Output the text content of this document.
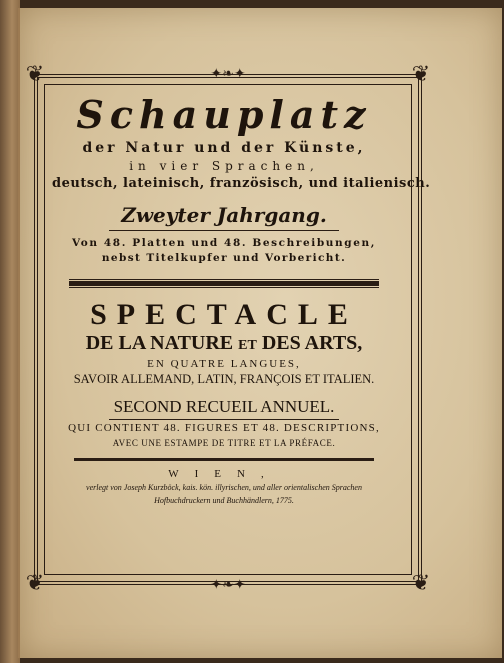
❦	❦
❦	❦
✦❧✦
✦❧✦
Schauplatz
der Natur und der Künste,
in vier Sprachen,
deutsch, lateinisch, französisch, und italienisch.
Zweyter Jahrgang.
Von 48. Platten und 48. Beschreibungen,
nebst Titelkupfer und Vorbericht.
SPECTACLE
DE LA NATURE ET DES ARTS,
EN QUATRE LANGUES,
SAVOIR ALLEMAND, LATIN, FRANÇOIS ET ITALIEN.
SECOND RECUEIL ANNUEL.
QUI CONTIENT 48. FIGURES ET 48. DESCRIPTIONS,
AVEC UNE ESTAMPE DE TITRE ET LA PRÉFACE.
WIEN,
verlegt von Joseph Kurzböck, kais. kön. illyrischen, und aller orientalischen Sprachen
Hofbuchdruckern und Buchhändlern, 1775.
